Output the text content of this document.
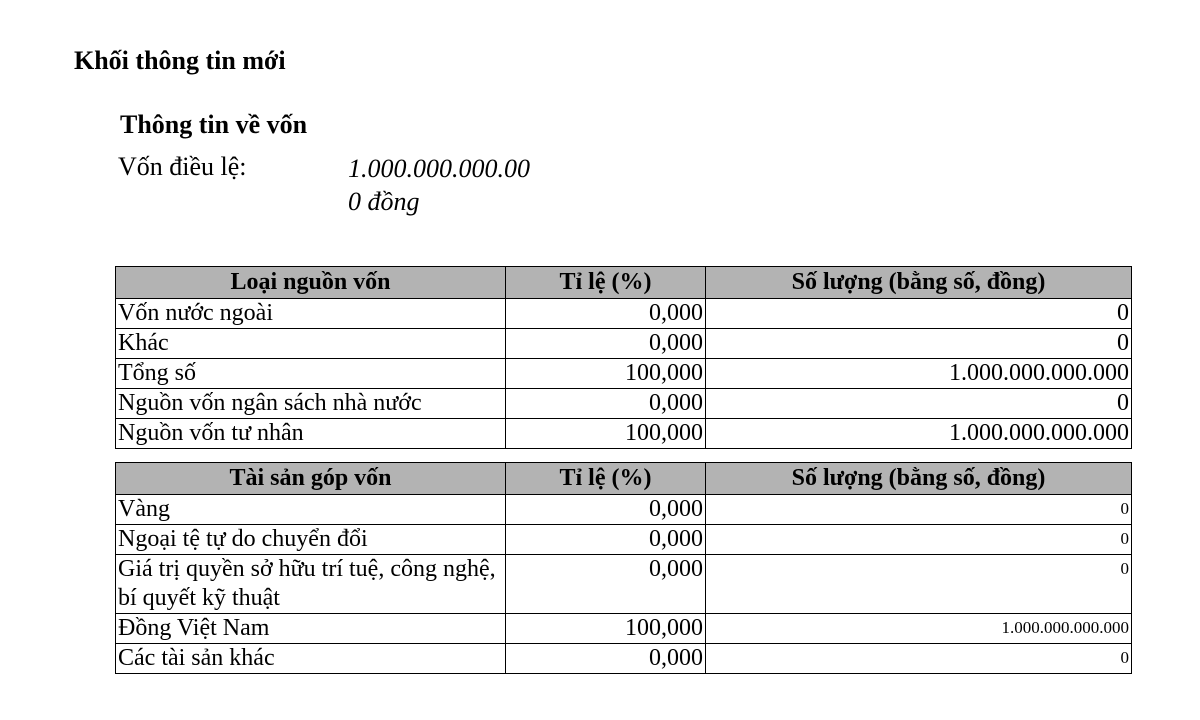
Khối thông tin mới
Thông tin về vốn
Vốn điều lệ:	1.000.000.000.00
0 đồng
Loại nguồn vốn	Tỉ lệ (%)	Số lượng (bằng số, đồng)
Vốn nước ngoài	0,000	0
Khác	0,000	0
Tổng số	100,000	1.000.000.000.000
Nguồn vốn ngân sách nhà nước	0,000	0
Nguồn vốn tư nhân	100,000	1.000.000.000.000
Tài sản góp vốn	Tỉ lệ (%)	Số lượng (bằng số, đồng)
Vàng	0,000	0
Ngoại tệ tự do chuyển đổi	0,000	0
Giá trị quyền sở hữu trí tuệ, công nghệ, bí quyết kỹ thuật	0,000	0
Đồng Việt Nam	100,000	1.000.000.000.000
Các tài sản khác	0,000	0
